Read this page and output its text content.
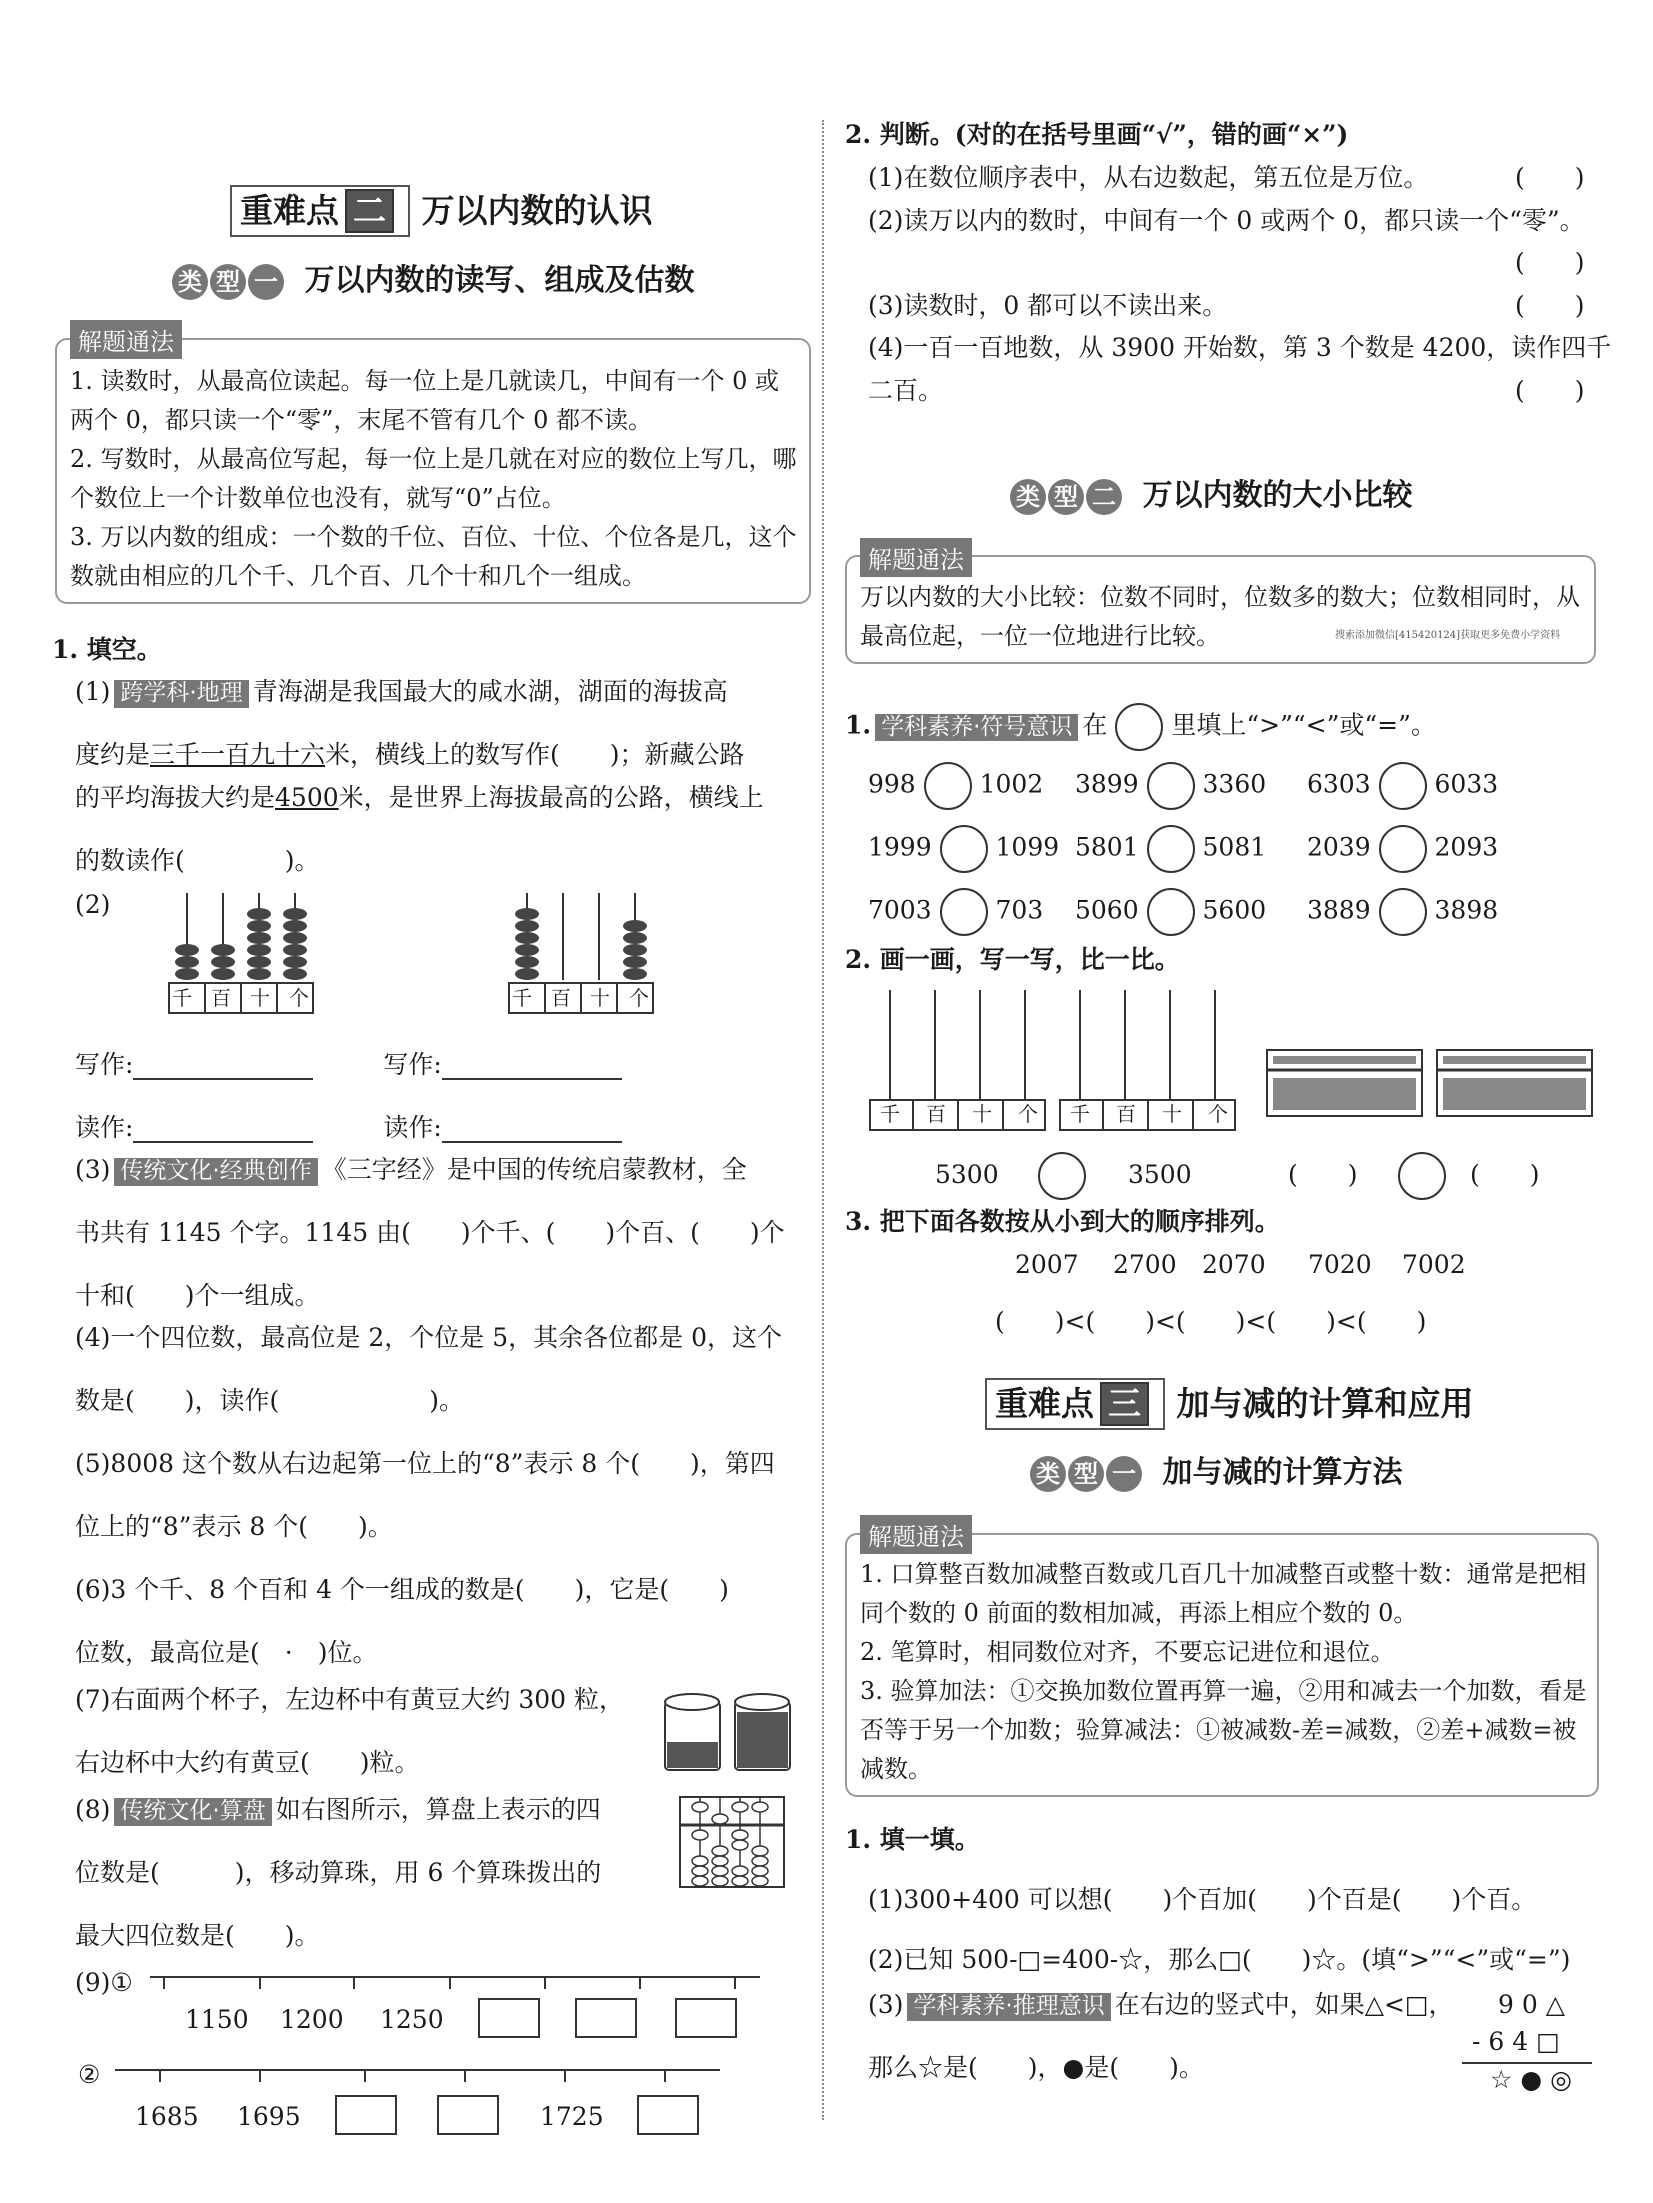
重难点 二 万以内数的认识
类 型 一 万以内数的读写、组成及估数
解题通法
1. 读数时，从最高位读起。每一位上是几就读几，中间有一个 0 或两个 0，都只读一个“零”，末尾不管有几个 0 都不读。
2. 写数时，从最高位写起，每一位上是几就在对应的数位上写几，哪个数位上一个计数单位也没有，就写“0”占位。
3. 万以内数的组成：一个数的千位、百位、十位、个位各是几，这个数就由相应的几个千、几个百、几个十和几个一组成。
1. 填空。
(1) 跨学科·地理 青海湖是我国最大的咸水湖，湖面的海拔高
度约是三千一百九十六米，横线上的数写作(　　)；新藏公路
的平均海拔大约是4500米，是世界上海拔最高的公路，横线上
的数读作(　　　　)。
(2)
千百十个	千百十个
写作:	写作:
读作:	读作:
(3) 传统文化·经典创作 《三字经》是中国的传统启蒙教材，全
书共有 1145 个字。1145 由(　　)个千、(　　)个百、(　　)个
十和(　　)个一组成。
(4)一个四位数，最高位是 2，个位是 5，其余各位都是 0，这个
数是(　　)，读作(　　　　　　)。
(5)8008 这个数从右边起第一位上的“8”表示 8 个(　　)，第四
位上的“8”表示 8 个(　　)。
(6)3 个千、8 个百和 4 个一组成的数是(　　)，它是(　　)
位数，最高位是(　·　)位。
(7)右面两个杯子，左边杯中有黄豆大约 300 粒，
右边杯中大约有黄豆(　　)粒。
(8) 传统文化·算盘 如右图所示，算盘上表示的四
位数是(　　　)，移动算珠，用 6 个算珠拨出的
最大四位数是(　　)。
(9)①
1150 1200 1250
②
1685 1695	1725
2. 判断。(对的在括号里画“√”，错的画“×”)
(1)在数位顺序表中，从右边数起，第五位是万位。	(　　)
(2)读万以内的数时，中间有一个 0 或两个 0，都只读一个“零”。
(　　)
(3)读数时，0 都可以不读出来。	(　　)
(4)一百一百地数，从 3900 开始数，第 3 个数是 4200，读作四千
二百。	(　　)
类 型 二 万以内数的大小比较
解题通法
万以内数的大小比较：位数不同时，位数多的数大；位数相同时，从最高位起，一位一位地进行比较。	搜索添加微信[415420124]获取更多免费小学资料
1. 学科素养·符号意识 在	里填上“>”“<”或“=”。
998	1002 3899	3360 6303	6033
1999	1099 5801	5081 2039	2093
7003	703 5060	5600 3889	3898
2. 画一画，写一写，比一比。
千百十个 千百十个
5300	3500	(　　)	(　　)
3. 把下面各数按从小到大的顺序排列。
2007 2700 2070 7020 7002
(　　)<(　　)<(　　)<(　　)<(　　)
重难点 三 加与减的计算和应用
类 型 一 加与减的计算方法
解题通法
1. 口算整百数加减整百数或几百几十加减整百或整十数：通常是把相同个数的 0 前面的数相加减，再添上相应个数的 0。
2. 笔算时，相同数位对齐，不要忘记进位和退位。
3. 验算加法：①交换加数位置再算一遍，②用和减去一个加数，看是否等于另一个加数；验算减法：①被减数-差=减数，②差+减数=被减数。
1. 填一填。
(1)300+400 可以想(　　)个百加(　　)个百是(　　)个百。
(2)已知 500-□=400-☆，那么□(　　)☆。(填“>”“<”或“=”)
(3) 学科素养·推理意识 在右边的竖式中，如果△<□，
那么☆是(　　)，●是(　　)。
9 0 △
- 6 4 □
☆ ● ◎
